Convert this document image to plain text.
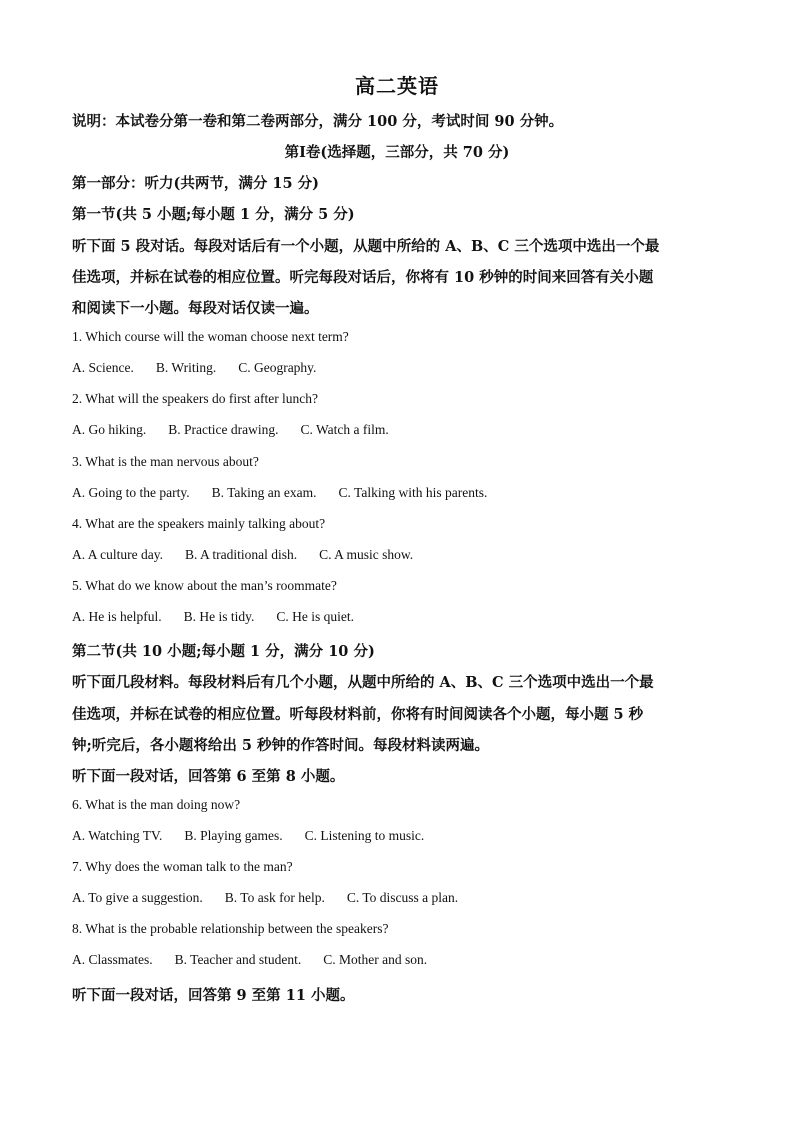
高二英语
说明：本试卷分第一卷和第二卷两部分，满分 100 分，考试时间 90 分钟。
第Ⅰ卷(选择题，三部分，共 70 分)
第一部分：听力(共两节，满分 15 分)
第一节(共 5 小题;每小题 1 分，满分 5 分)
听下面 5 段对话。每段对话后有一个小题，从题中所给的 A、B、C 三个选项中选出一个最
佳选项，并标在试卷的相应位置。听完每段对话后，你将有 10 秒钟的时间来回答有关小题
和阅读下一小题。每段对话仅读一遍。
1. Which course will the woman choose next term?
A. Science. B. Writing. C. Geography.
2. What will the speakers do first after lunch?
A. Go hiking. B. Practice drawing. C. Watch a film.
3. What is the man nervous about?
A. Going to the party. B. Taking an exam. C. Talking with his parents.
4. What are the speakers mainly talking about?
A. A culture day. B. A traditional dish. C. A music show.
5. What do we know about the man’s roommate?
A. He is helpful. B. He is tidy. C. He is quiet.
第二节(共 10 小题;每小题 1 分，满分 10 分)
听下面几段材料。每段材料后有几个小题，从题中所给的 A、B、C 三个选项中选出一个最
佳选项，并标在试卷的相应位置。听每段材料前，你将有时间阅读各个小题，每小题 5 秒
钟;听完后，各小题将给出 5 秒钟的作答时间。每段材料读两遍。
听下面一段对话，回答第 6 至第 8 小题。
6. What is the man doing now?
A. Watching TV. B. Playing games. C. Listening to music.
7. Why does the woman talk to the man?
A. To give a suggestion. B. To ask for help. C. To discuss a plan.
8. What is the probable relationship between the speakers?
A. Classmates. B. Teacher and student. C. Mother and son.
听下面一段对话，回答第 9 至第 11 小题。
